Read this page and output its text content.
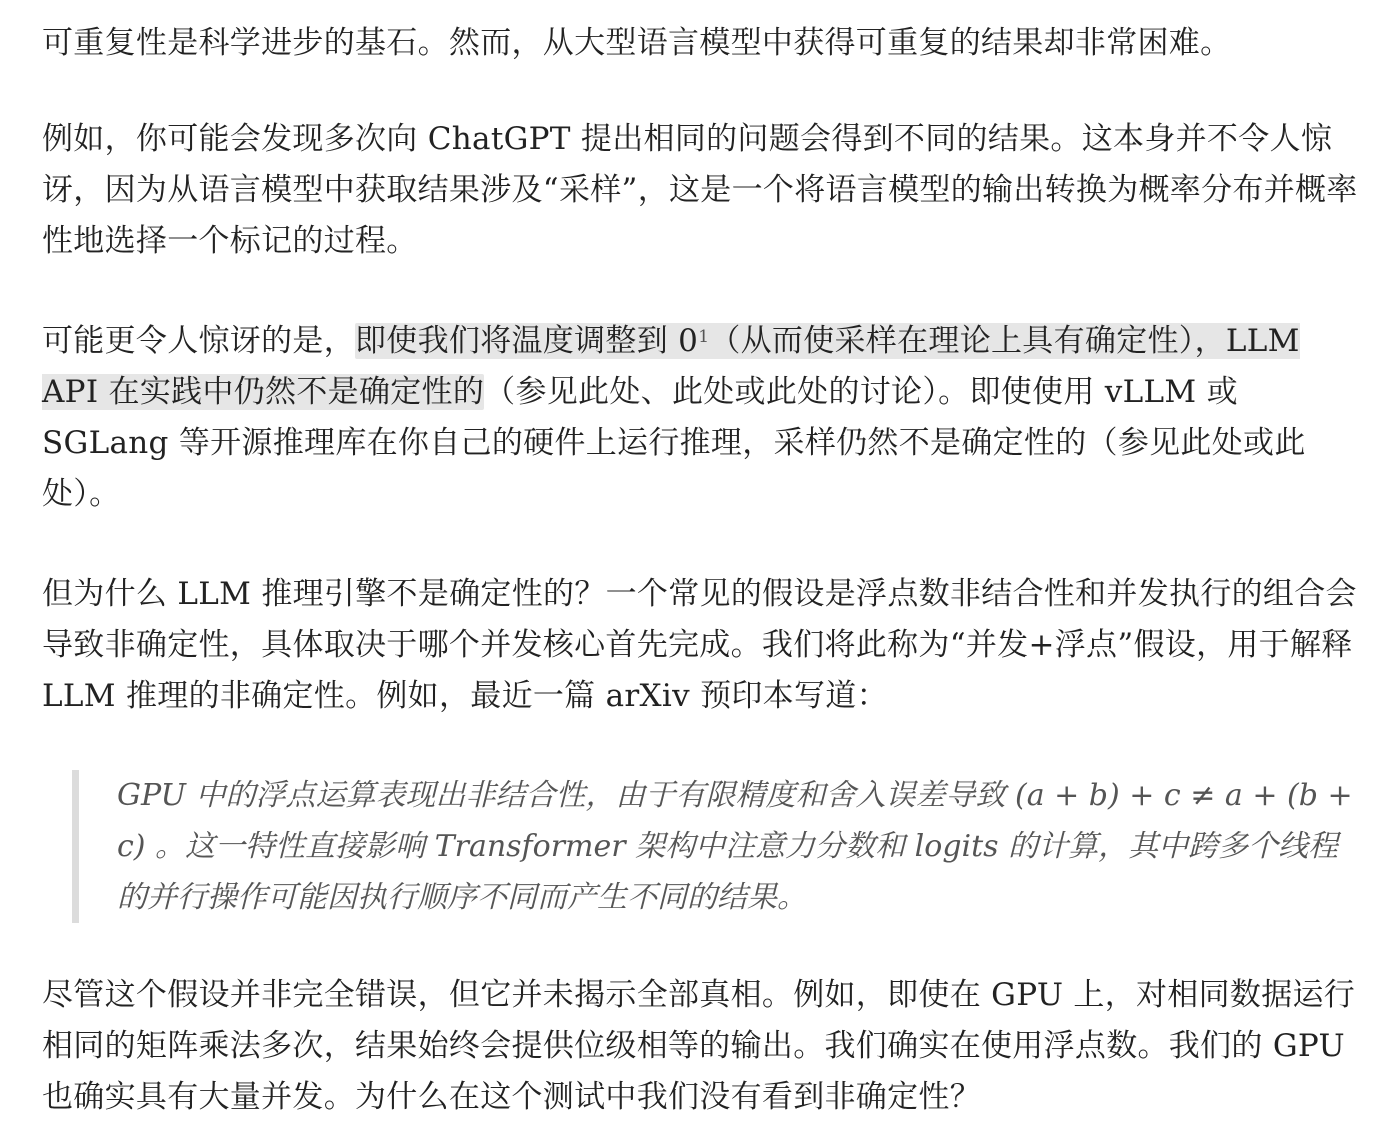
可重复性是科学进步的基石。然而，从大型语言模型中获得可重复的结果却非常困难。

例如，你可能会发现多次向 ChatGPT 提出相同的问题会得到不同的结果。这本身并不令人惊讶，因为从语言模型中获取结果涉及“采样”，这是一个将语言模型的输出转换为概率分布并概率性地选择一个标记的过程。

可能更令人惊讶的是，即使我们将温度调整到 0$^1$（从而使采样在理论上具有确定性），LLM API 在实践中仍然不是确定性的（参见此处、此处或此处的讨论）。即使使用 vLLM 或 SGLang 等开源推理库在你自己的硬件上运行推理，采样仍然不是确定性的（参见此处或此处）。

但为什么 LLM 推理引擎不是确定性的？一个常见的假设是浮点数非结合性和并发执行的组合会导致非确定性，具体取决于哪个并发核心首先完成。我们将此称为“并发+浮点”假设，用于解释 LLM 推理的非确定性。例如，最近一篇 arXiv 预印本写道：

GPU 中的浮点运算表现出非结合性，由于有限精度和舍入误差导致 (a + b) + c ≠ a + (b + c) 。这一特性直接影响 Transformer 架构中注意力分数和 logits 的计算，其中跨多个线程的并行操作可能因执行顺序不同而产生不同的结果。

尽管这个假设并非完全错误，但它并未揭示全部真相。例如，即使在 GPU 上，对相同数据运行相同的矩阵乘法多次，结果始终会提供位级相等的输出。我们确实在使用浮点数。我们的 GPU 也确实具有大量并发。为什么在这个测试中我们没有看到非确定性？
